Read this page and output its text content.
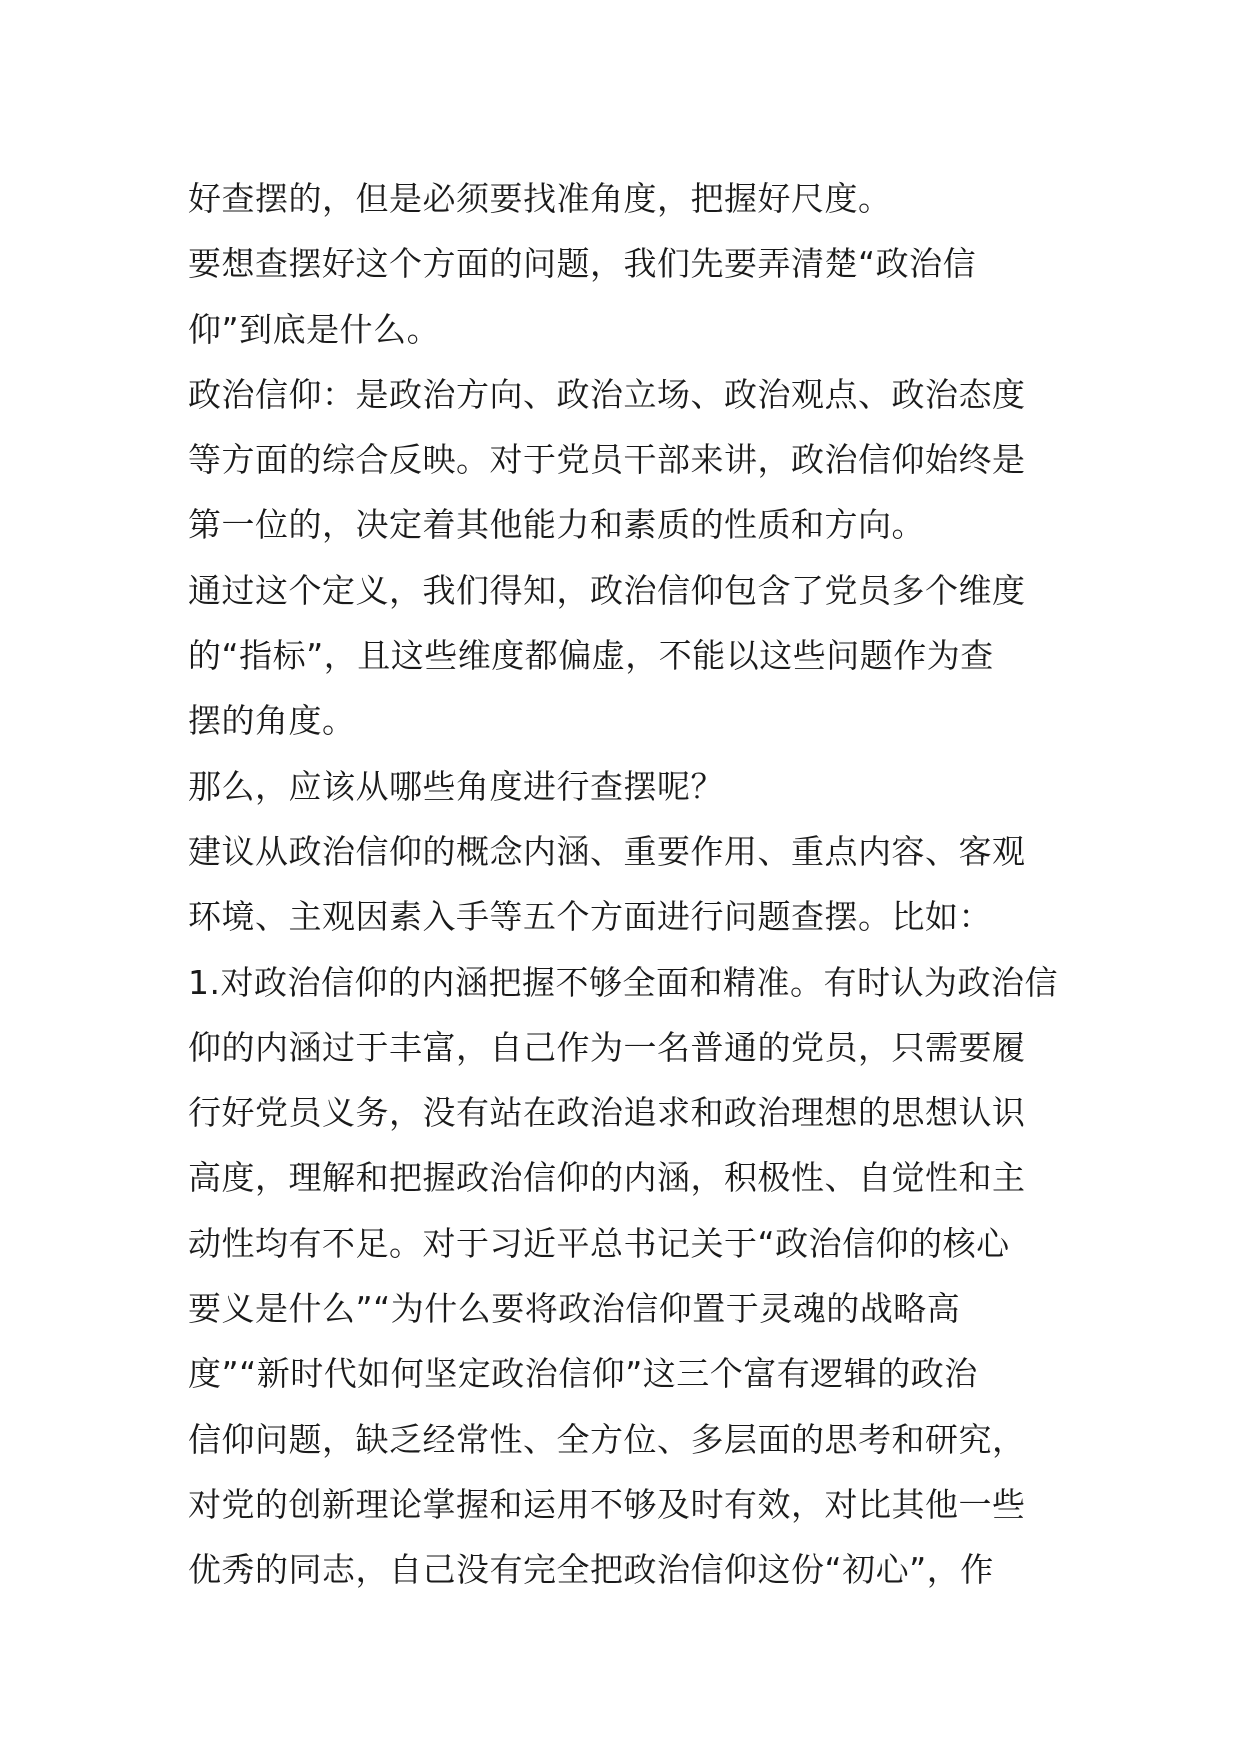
好查摆的，但是必须要找准角度，把握好尺度。
要想查摆好这个方面的问题，我们先要弄清楚“政治信
仰”到底是什么。
政治信仰：是政治方向、政治立场、政治观点、政治态度
等方面的综合反映。对于党员干部来讲，政治信仰始终是
第一位的，决定着其他能力和素质的性质和方向。
通过这个定义，我们得知，政治信仰包含了党员多个维度
的“指标”，且这些维度都偏虚，不能以这些问题作为查
摆的角度。
那么，应该从哪些角度进行查摆呢？
建议从政治信仰的概念内涵、重要作用、重点内容、客观
环境、主观因素入手等五个方面进行问题查摆。比如：
1.对政治信仰的内涵把握不够全面和精准。有时认为政治信
仰的内涵过于丰富，自己作为一名普通的党员，只需要履
行好党员义务，没有站在政治追求和政治理想的思想认识
高度，理解和把握政治信仰的内涵，积极性、自觉性和主
动性均有不足。对于习近平总书记关于“政治信仰的核心
要义是什么”“为什么要将政治信仰置于灵魂的战略高
度”“新时代如何坚定政治信仰”这三个富有逻辑的政治
信仰问题，缺乏经常性、全方位、多层面的思考和研究，
对党的创新理论掌握和运用不够及时有效，对比其他一些
优秀的同志，自己没有完全把政治信仰这份“初心”，作
